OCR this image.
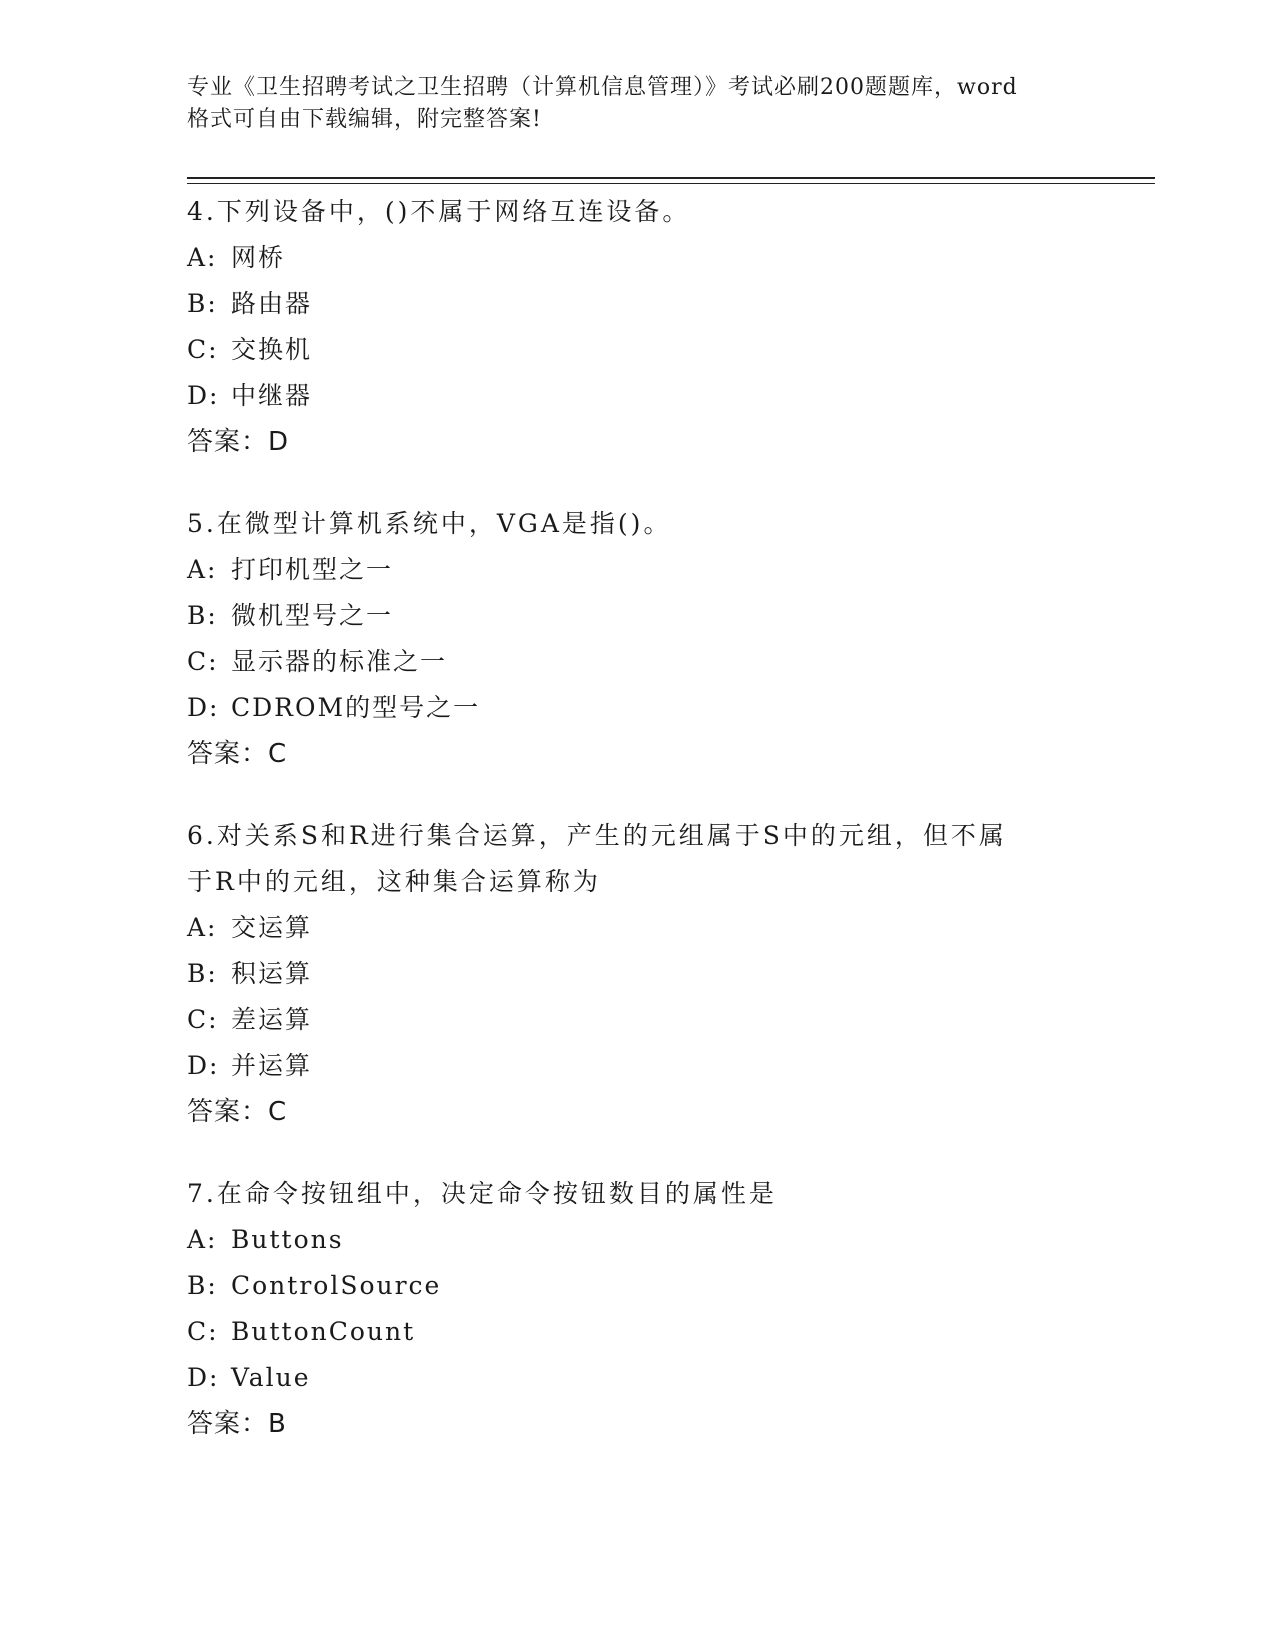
专业《卫生招聘考试之卫生招聘（计算机信息管理）》考试必刷200题题库，word
格式可自由下载编辑，附完整答案!
4.下列设备中，()不属于网络互连设备。
A: 网桥
B: 路由器
C: 交换机
D: 中继器
答案：D
5.在微型计算机系统中，VGA是指()。
A: 打印机型之一
B: 微机型号之一
C: 显示器的标准之一
D: CDROM的型号之一
答案：C
6.对关系S和R进行集合运算，产生的元组属于S中的元组，但不属
于R中的元组，这种集合运算称为
A: 交运算
B: 积运算
C: 差运算
D: 并运算
答案：C
7.在命令按钮组中，决定命令按钮数目的属性是
A: Buttons
B: ControlSource
C: ButtonCount
D: Value
答案：B
